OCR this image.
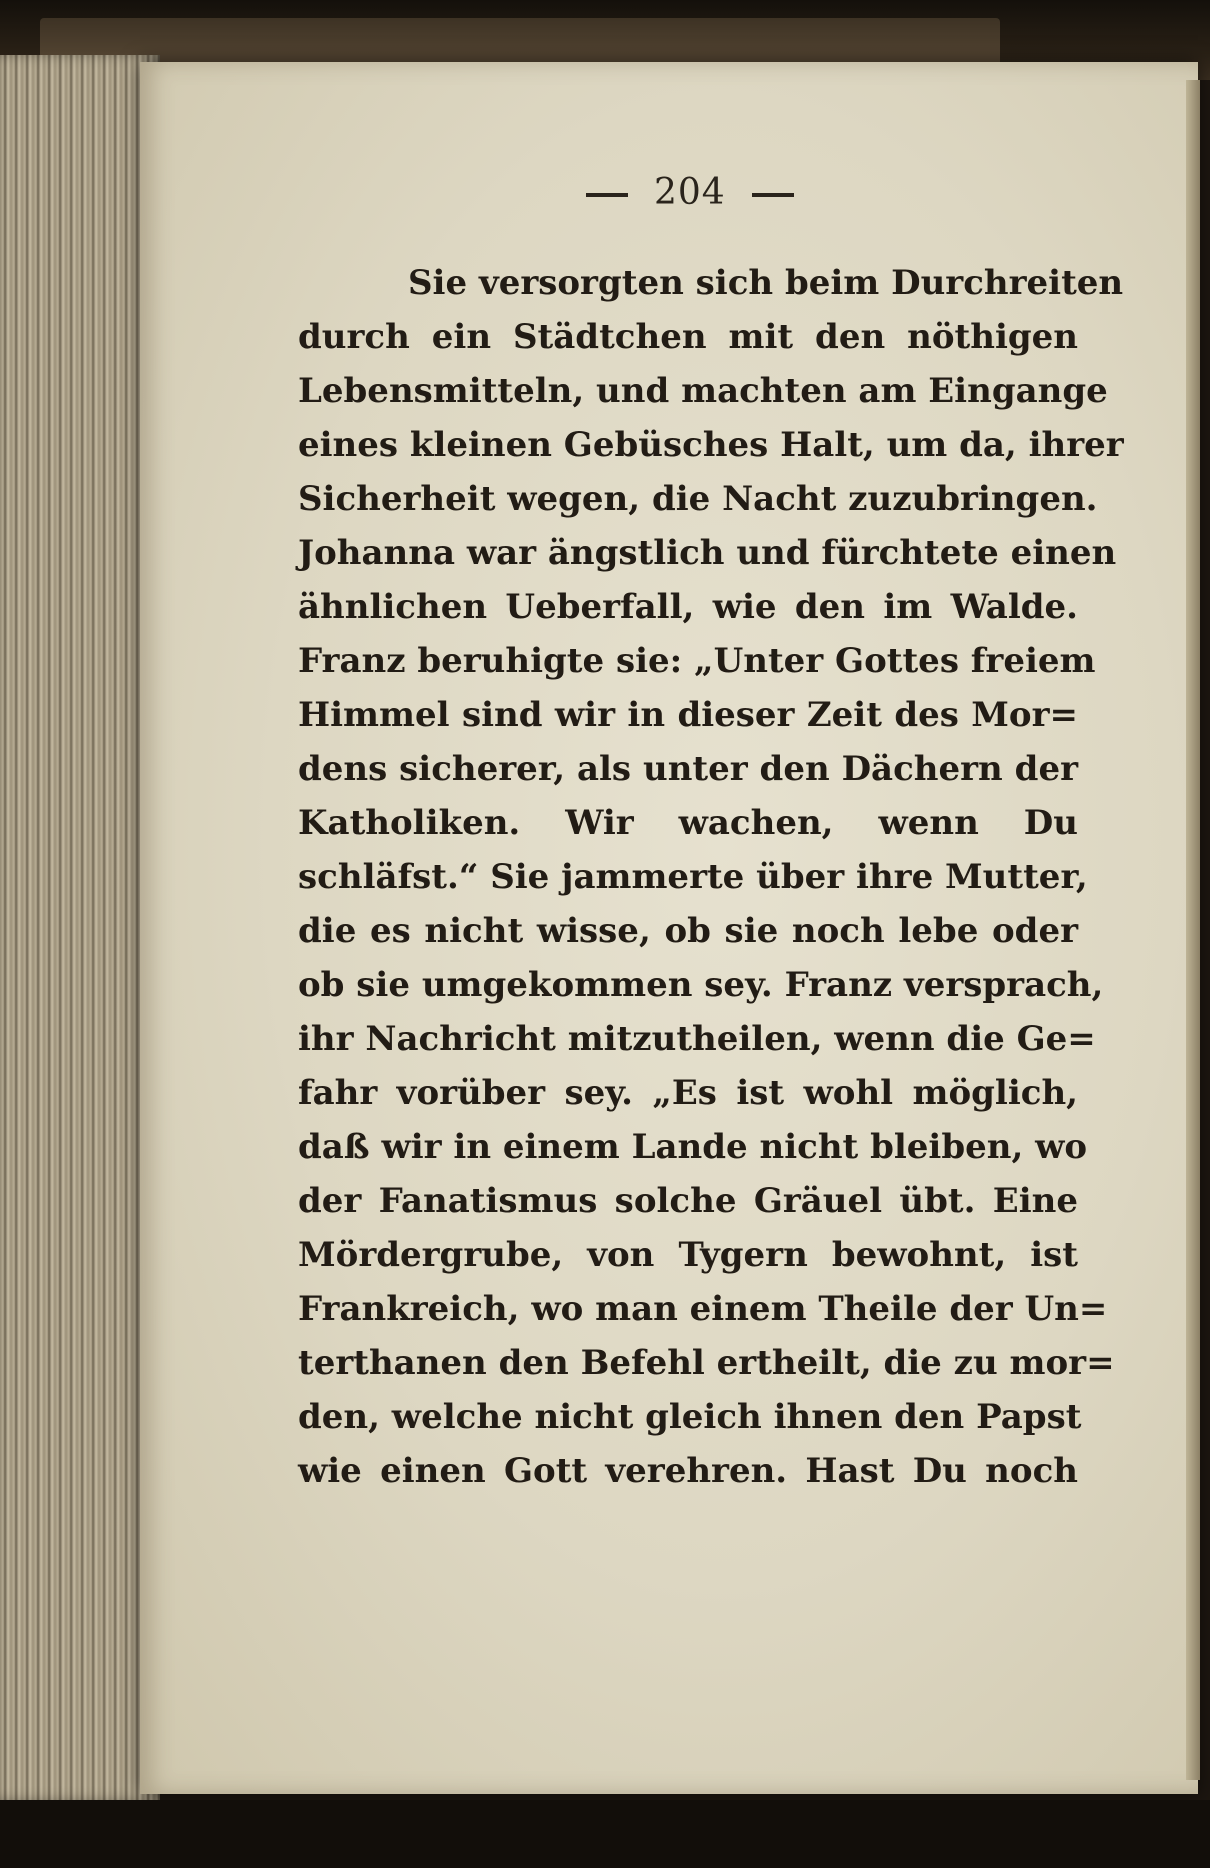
204
Sie versorgten sich beim Durchreiten
durch ein Städtchen mit den nöthigen
Lebensmitteln, und machten am Eingange
eines kleinen Gebüsches Halt, um da, ihrer
Sicherheit wegen, die Nacht zuzubringen.
Johanna war ängstlich und fürchtete einen
ähnlichen Ueberfall, wie den im Walde.
Franz beruhigte sie: „Unter Gottes freiem
Himmel sind wir in dieser Zeit des Mor=
dens sicherer, als unter den Dächern der
Katholiken. Wir wachen, wenn Du
schläfst.“ Sie jammerte über ihre Mutter,
die es nicht wisse, ob sie noch lebe oder
ob sie umgekommen sey. Franz versprach,
ihr Nachricht mitzutheilen, wenn die Ge=
fahr vorüber sey. „Es ist wohl möglich,
daß wir in einem Lande nicht bleiben, wo
der Fanatismus solche Gräuel übt. Eine
Mördergrube, von Tygern bewohnt, ist
Frankreich, wo man einem Theile der Un=
terthanen den Befehl ertheilt, die zu mor=
den, welche nicht gleich ihnen den Papst
wie einen Gott verehren. Hast Du noch
